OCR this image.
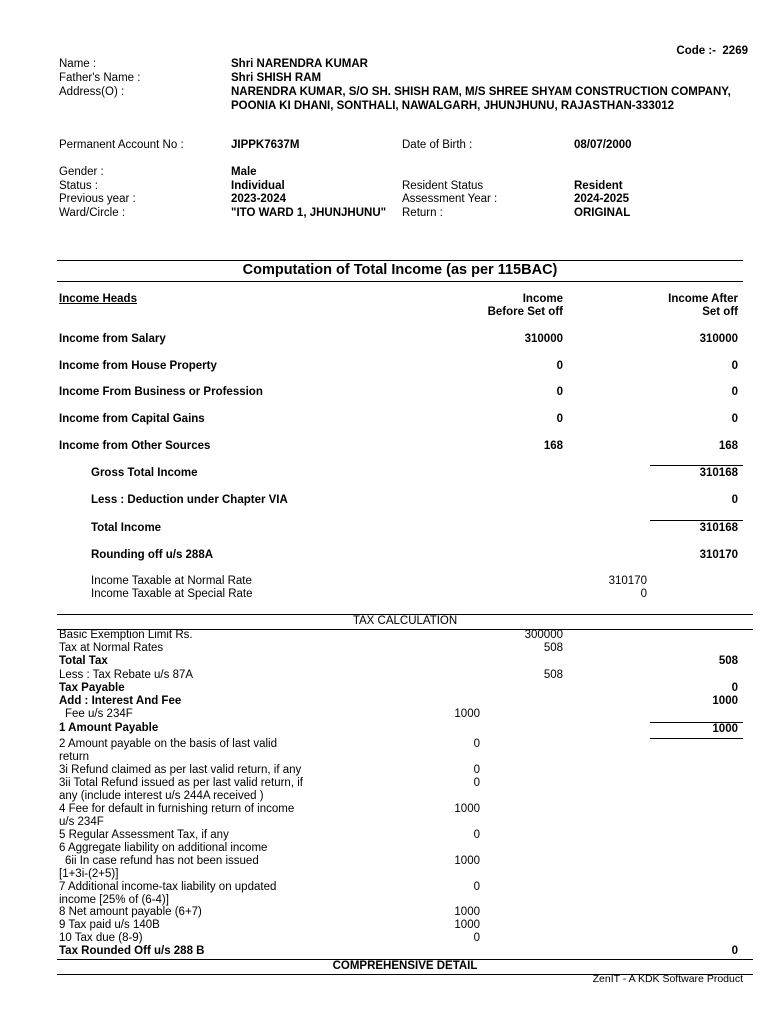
Code :- 2269
Name :	Shri NARENDRA KUMAR
Father's Name :	Shri SHISH RAM
Address(O) :	NARENDRA KUMAR, S/O SH. SHISH RAM, M/S SHREE SHYAM CONSTRUCTION COMPANY,
POONIA KI DHANI, SONTHALI, NAWALGARH, JHUNJHUNU, RAJASTHAN-333012
Permanent Account No :	JIPPK7637M	Date of Birth :	08/07/2000
Gender :	Male
Status :	Individual	Resident Status	Resident
Previous year :	2023-2024	Assessment Year :	2024-2025
Ward/Circle :	"ITO WARD 1, JHUNJHUNU" Return :	ORIGINAL
Computation of Total Income (as per 115BAC)
Income Heads	Income
Before Set off
Income After
Set off
Income from Salary	310000	310000
Income from House Property	0	0
Income From Business or Profession	0	0
Income from Capital Gains	0	0
Income from Other Sources	168	168
Gross Total Income	310168
Less : Deduction under Chapter VIA	0
Total Income	310168
Rounding off u/s 288A	310170
Income Taxable at Normal Rate	310170
Income Taxable at Special Rate	0
TAX CALCULATION
Basic Exemption Limit Rs.	300000
Tax at Normal Rates	508
Total Tax	508
Less : Tax Rebate u/s 87A	508
Tax Payable	0
Add : Interest And Fee	1000
Fee u/s 234F	1000
1 Amount Payable	1000
2 Amount payable on the basis of last valid
return
0
3i Refund claimed as per last valid return, if any	0
3ii Total Refund issued as per last valid return, if
any (include interest u/s 244A received )
0
4 Fee for default in furnishing return of income
u/s 234F
1000
5 Regular Assessment Tax, if any	0
6 Aggregate liability on additional income
6ii In case refund has not been issued
[1+3i-(2+5)]
1000
7 Additional income-tax liability on updated
income [25% of (6-4)]
0
8 Net amount payable (6+7)	1000
9 Tax paid u/s 140B	1000
10 Tax due (8-9)	0
Tax Rounded Off u/s 288 B	0
COMPREHENSIVE DETAIL
ZenIT - A KDK Software Product
